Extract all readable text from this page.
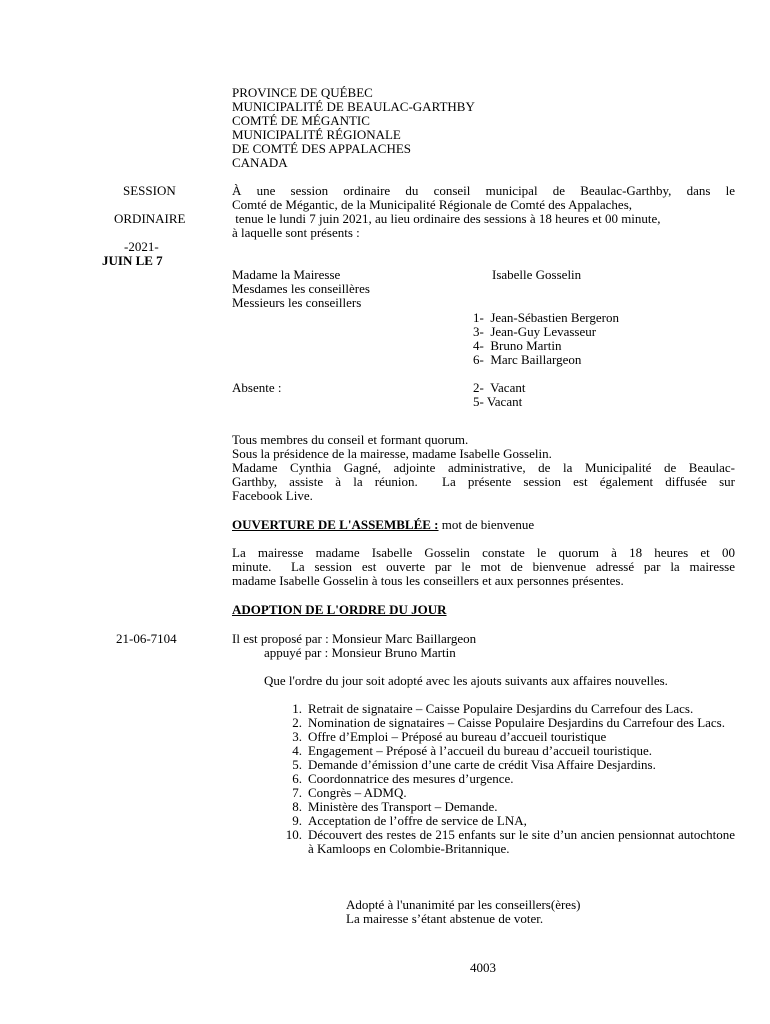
PROVINCE DE QUÉBEC
MUNICIPALITÉ DE BEAULAC-GARTHBY
COMTÉ DE MÉGANTIC
MUNICIPALITÉ RÉGIONALE
DE COMTÉ DES APPALACHES
CANADA
SESSION
ORDINAIRE
-2021-
JUIN LE 7
21-06-7104
À une session ordinaire du conseil municipal de Beaulac-Garthby, dans le
Comté de Mégantic, de la Municipalité Régionale de Comté des Appalaches,
tenue le lundi 7 juin 2021, au lieu ordinaire des sessions à 18 heures et 00 minute,
à laquelle sont présents :
Madame la Mairesse	Isabelle Gosselin
Mesdames les conseillères
Messieurs les conseillers
1-  Jean-Sébastien Bergeron
3-  Jean-Guy Levasseur
4-  Bruno Martin
6-  Marc Baillargeon
Absente :	2-  Vacant
5- Vacant
Tous membres du conseil et formant quorum.
Sous la présidence de la mairesse, madame Isabelle Gosselin.
Madame Cynthia Gagné, adjointe administrative, de la Municipalité de Beaulac-
Garthby, assiste à la réunion.  La présente session est également diffusée sur
Facebook Live.
OUVERTURE DE L'ASSEMBLÉE : mot de bienvenue
La mairesse madame Isabelle Gosselin constate le quorum à 18 heures et 00
minute.  La session est ouverte par le mot de bienvenue adressé par la mairesse
madame Isabelle Gosselin à tous les conseillers et aux personnes présentes.
ADOPTION DE L'ORDRE DU JOUR
Il est proposé par : Monsieur Marc Baillargeon
appuyé par : Monsieur Bruno Martin
Que l'ordre du jour soit adopté avec les ajouts suivants aux affaires nouvelles.
1. Retrait de signataire – Caisse Populaire Desjardins du Carrefour des Lacs.
2. Nomination de signataires – Caisse Populaire Desjardins du Carrefour des Lacs.
3. Offre d’Emploi – Préposé au bureau d’accueil touristique
4. Engagement – Préposé à l’accueil du bureau d’accueil touristique.
5. Demande d’émission d’une carte de crédit Visa Affaire Desjardins.
6. Coordonnatrice des mesures d’urgence.
7. Congrès – ADMQ.
8. Ministère des Transport – Demande.
9. Acceptation de l’offre de service de LNA,
10. Découvert des restes de 215 enfants sur le site d’un ancien pensionnat autochtone à Kamloops en Colombie-Britannique.
Adopté à l'unanimité par les conseillers(ères)
La mairesse s’étant abstenue de voter.
4003
